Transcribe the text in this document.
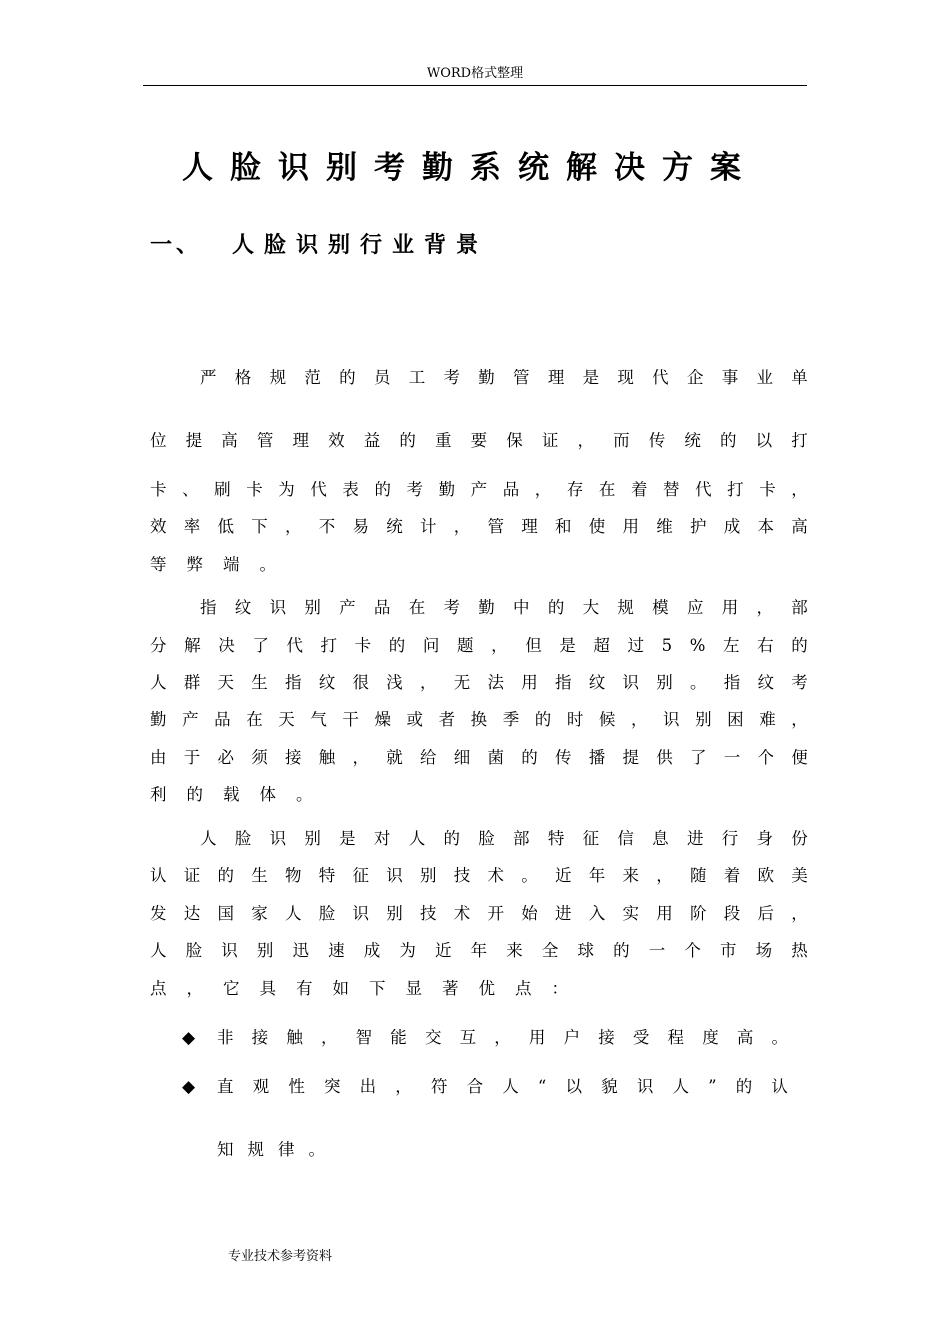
WORD格式整理
人脸识别考勤系统解决方案
一、 人脸识别行业背景
严 格 规 范 的 员 工 考 勤 管 理 是 现 代 企 事 业 单
位 提 高 管 理 效 益 的 重 要 保 证 ， 而 传 统 的 以 打
卡 、 刷 卡 为 代 表 的 考 勤 产 品 ， 存 在 着 替 代 打 卡 ，
效 率 低 下 ， 不 易 统 计 ， 管 理 和 使 用 维 护 成 本 高
等 弊 端 。
指 纹 识 别 产 品 在 考 勤 中 的 大 规 模 应 用 ， 部
分 解 决 了 代 打 卡 的 问 题 ， 但 是 超 过 5 % 左 右 的
人 群 天 生 指 纹 很 浅 ， 无 法 用 指 纹 识 别 。 指 纹 考
勤 产 品 在 天 气 干 燥 或 者 换 季 的 时 候 ， 识 别 困 难 ，
由 于 必 须 接 触 ， 就 给 细 菌 的 传 播 提 供 了 一 个 便
利 的 载 体 。
人 脸 识 别 是 对 人 的 脸 部 特 征 信 息 进 行 身 份
认 证 的 生 物 特 征 识 别 技 术 。 近 年 来 ， 随 着 欧 美
发 达 国 家 人 脸 识 别 技 术 开 始 进 入 实 用 阶 段 后 ，
人 脸 识 别 迅 速 成 为 近 年 来 全 球 的 一 个 市 场 热
点 ， 它 具 有 如 下 显 著 优 点 ：
◆	非 接 触 ， 智 能 交 互 ， 用 户 接 受 程 度 高 。
◆	直 观 性 突 出 ， 符 合 人 “ 以 貌 识 人 ” 的 认
知规律。
专业技术参考资料
